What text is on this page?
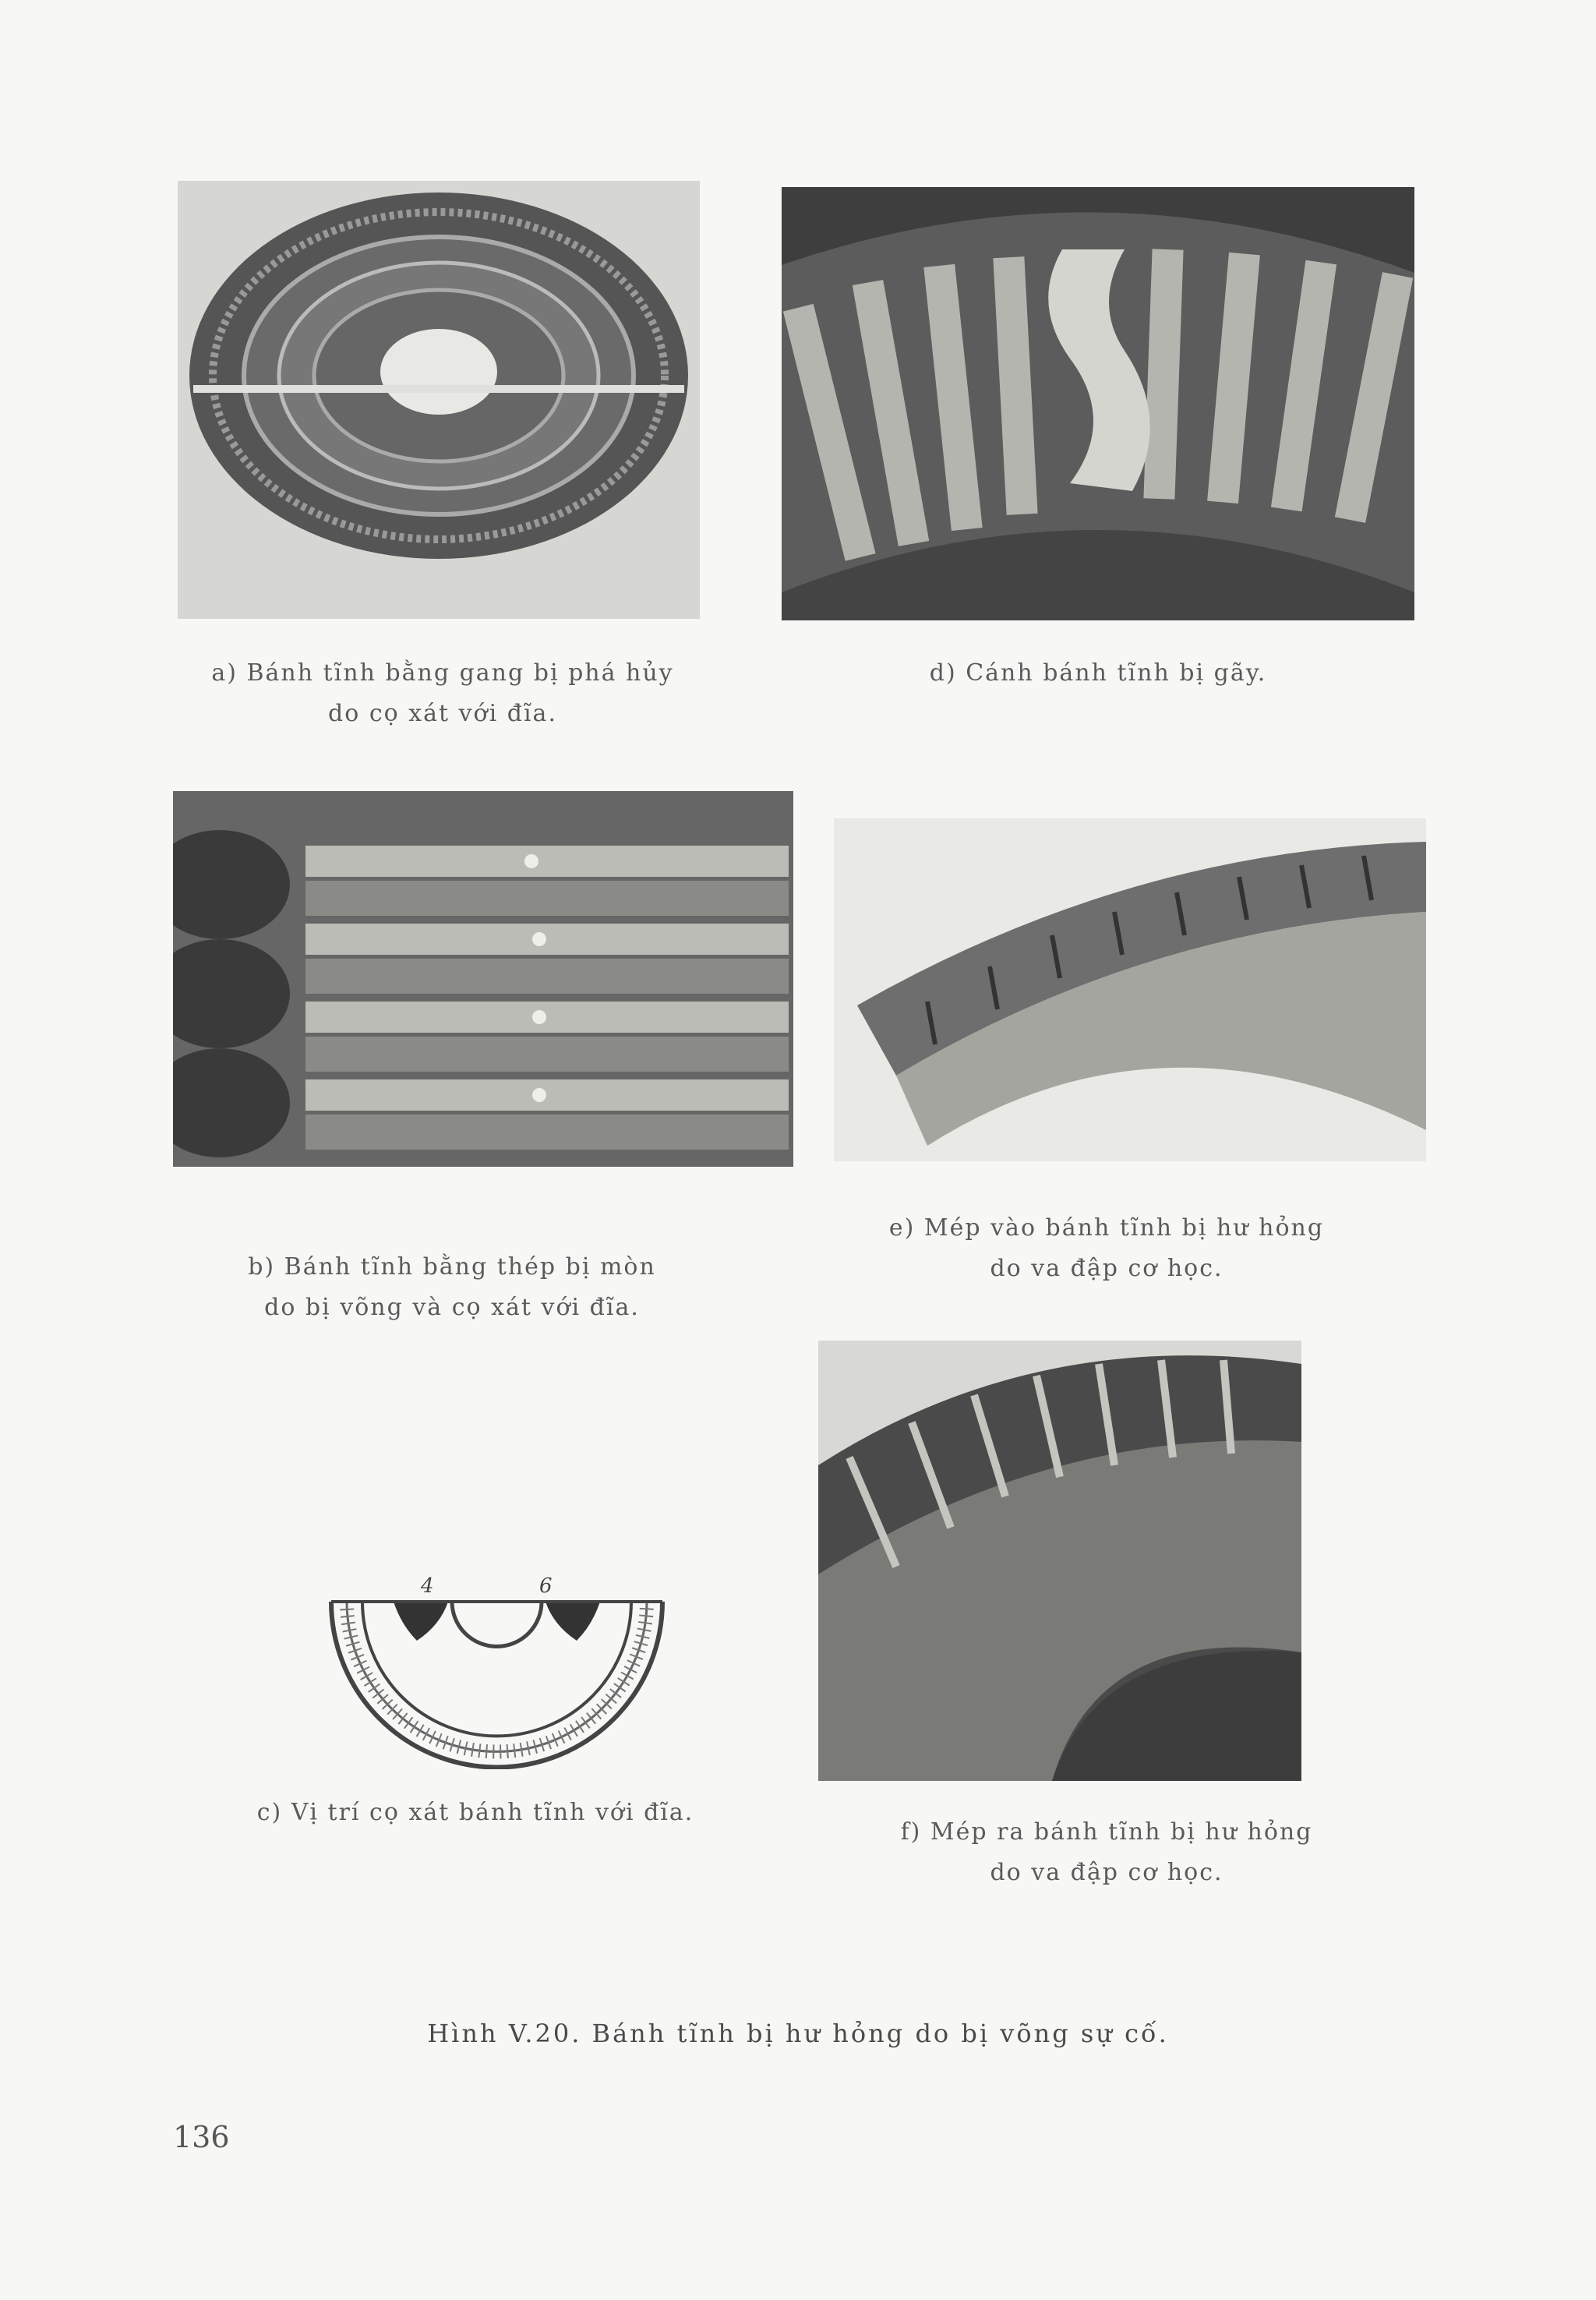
a) Bánh tĩnh bằng gang bị phá hủy
do cọ xát với đĩa.

d) Cánh bánh tĩnh bị gãy.

b) Bánh tĩnh bằng thép bị mòn
do bị võng và cọ xát với đĩa.

e) Mép vào bánh tĩnh bị hư hỏng
do va đập cơ học.

4	6

c) Vị trí cọ xát bánh tĩnh với đĩa.

f) Mép ra bánh tĩnh bị hư hỏng
do va đập cơ học.

Hình V.20. Bánh tĩnh bị hư hỏng do bị võng sự cố.
136
